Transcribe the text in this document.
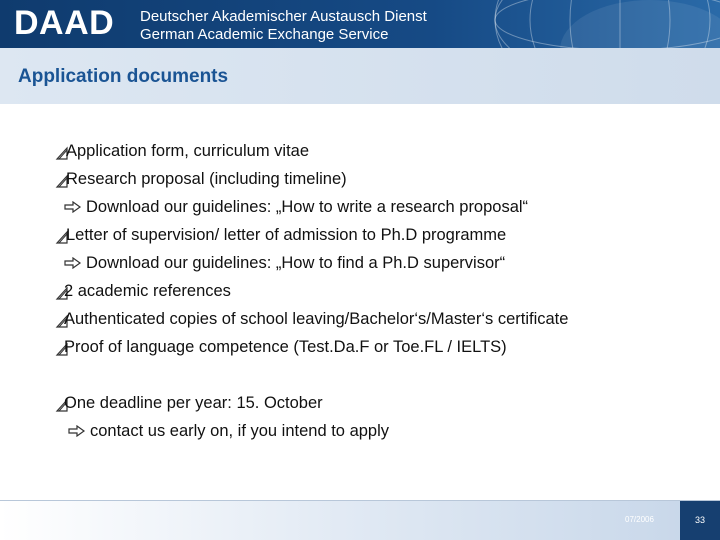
DAAD Deutscher Akademischer Austausch Dienst
German Academic Exchange Service
Application documents
Application form, curriculum vitae
Research proposal (including timeline)
Download our guidelines: „How to write a research proposal“
Letter of supervision/ letter of admission to Ph.D programme
Download our guidelines: „How to find a Ph.D supervisor“
2 academic references
Authenticated copies of school leaving/Bachelor‘s/Master‘s certificate
Proof of language competence (Test.Da.F or Toe.FL / IELTS)
One deadline per year: 15. October
contact us early on, if you intend to apply
07/2006	33
